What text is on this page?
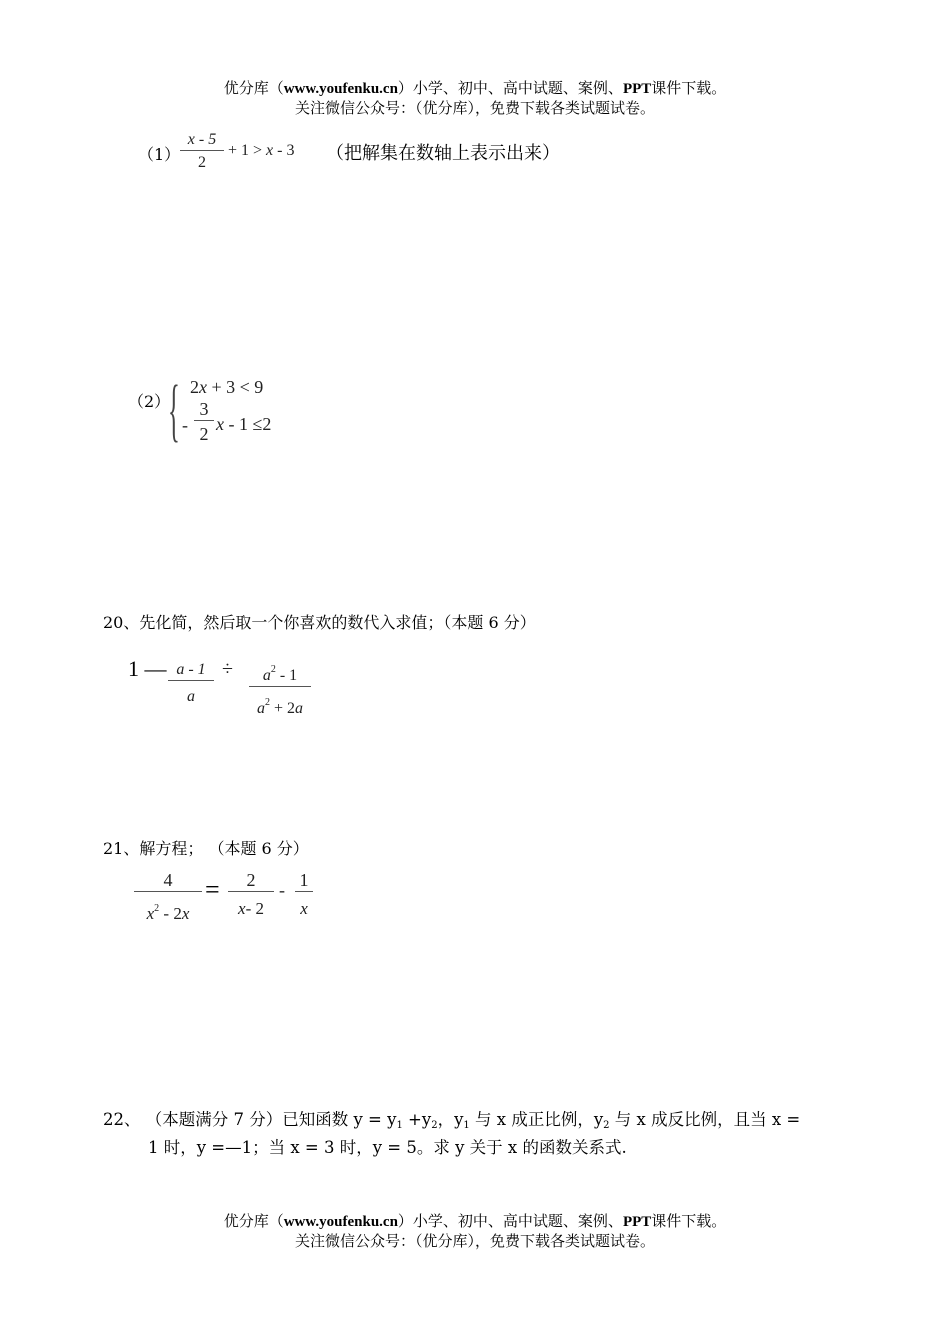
优分库（www.youfenku.cn）小学、初中、高中试题、案例、PPT课件下载。
关注微信公众号：（优分库），免费下载各类试题试卷。
（1）
x - 5
2
+ 1 > x - 3 （把解集在数轴上表示出来）
（2）
{ 2x + 3 < 9
-
3
2 x - 1 ≤2
20、先化简，然后取一个你喜欢的数代入求值；（本题 6 分）
1 — a - 1
a
÷	$a^2 - 1$
$a^2 + 2a$
21、解方程； （本题 6 分）
4
$x^2 - 2x$
=	2
x- 2
- 1
x
22、 （本题满分 7 分）已知函数 $y = y_1 +y_2$，$y_1$ 与 x 成正比例，$y_2$ 与 x 成反比例，且当 x =
1 时，y =—1；当 x = 3 时，y = 5。求 y 关于 x 的函数关系式.
优分库（www.youfenku.cn）小学、初中、高中试题、案例、PPT课件下载。
关注微信公众号：（优分库），免费下载各类试题试卷。
